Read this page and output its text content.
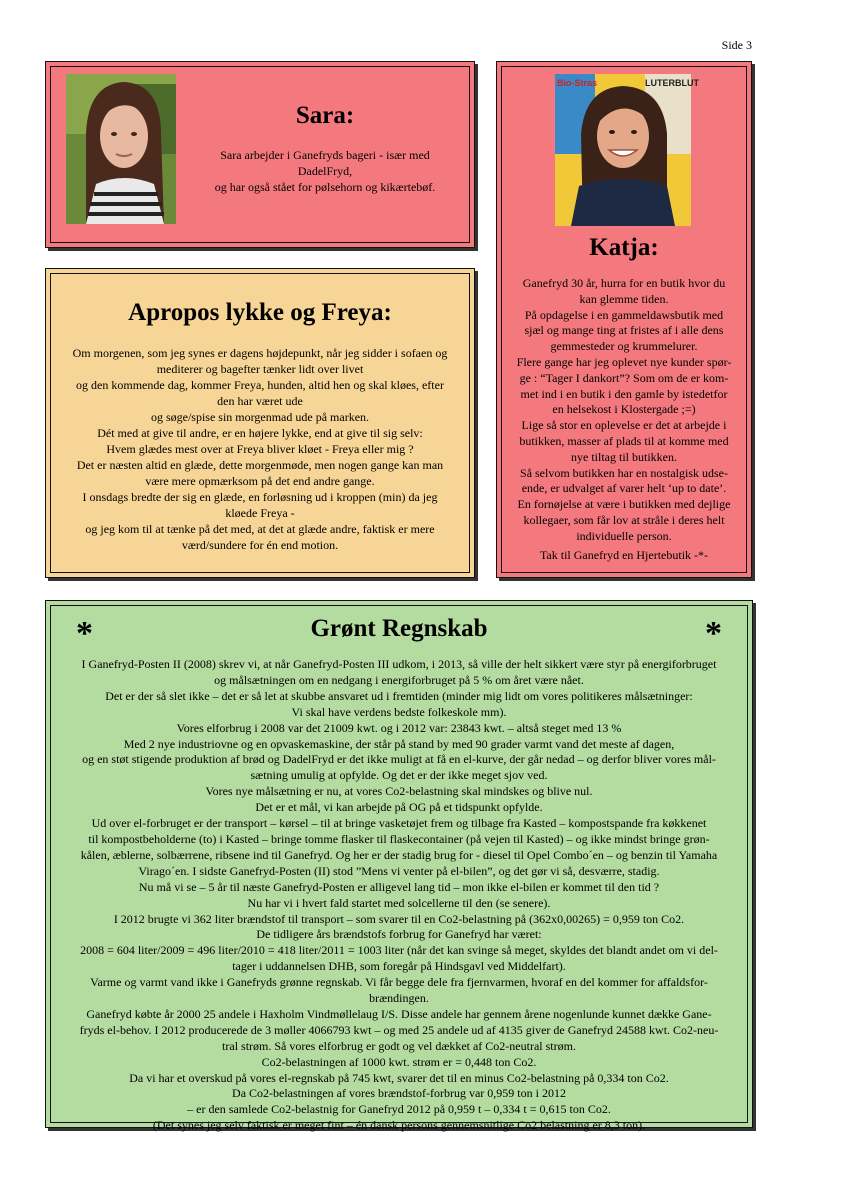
Side 3
Sara:
Sara arbejder i Ganefryds bageri - især med
DadelFryd,
og har også stået for pølsehorn og kikærtebøf.
Bio-Stras	LUTERBLUT
Katja:
Ganefryd 30 år, hurra for en butik hvor du
kan glemme tiden.
På opdagelse i en gammeldawsbutik med
sjæl og mange ting at fristes af i alle dens
gemmesteder og krummelurer.
Flere gange har jeg oplevet nye kunder spør-
ge : “Tager I dankort”? Som om de er kom-
met ind i en butik i den gamle by istedetfor
en helsekost i Klostergade ;=)
Lige så stor en oplevelse er det at arbejde i
butikken, masser af plads til at komme med
nye tiltag til butikken.
Så selvom butikken har en nostalgisk udse-
ende, er udvalget af varer helt ‘up to date’.
En fornøjelse at være i butikken med dejlige
kollegaer, som får lov at stråle i deres helt
individuelle person.
Tak til Ganefryd en Hjertebutik -*-
Apropos lykke og Freya:
Om morgenen, som jeg synes er dagens højdepunkt, når jeg sidder i sofaen og
mediterer og bagefter tænker lidt over livet
og den kommende dag, kommer Freya, hunden, altid hen og skal kløes, efter
den har været ude
og søge/spise sin morgenmad ude på marken.
Dét med at give til andre, er en højere lykke, end at give til sig selv:
Hvem glædes mest over at Freya bliver kløet - Freya eller mig ?
Det er næsten altid en glæde, dette morgenmøde, men nogen gange kan man
være mere opmærksom på det end andre gange.
I onsdags bredte der sig en glæde, en forløsning ud i kroppen (min) da jeg
kløede Freya -
og jeg kom til at tænke på det med, at det at glæde andre, faktisk er mere
værd/sundere for én end motion.
*	*
Grønt Regnskab
I Ganefryd-Posten II (2008) skrev vi, at når Ganefryd-Posten III udkom, i 2013, så ville der helt sikkert være styr på energiforbruget
og målsætningen om en nedgang i energiforbruget på 5 % om året være nået.
Det er der så slet ikke – det er så let at skubbe ansvaret ud i fremtiden (minder mig lidt om vores politikeres målsætninger:
Vi skal have verdens bedste folkeskole mm).
Vores elforbrug i 2008 var det 21009 kwt. og i 2012 var: 23843 kwt. – altså steget med 13 %
Med 2 nye industriovne og en opvaskemaskine, der står på stand by med 90 grader varmt vand det meste af dagen,
og en støt stigende produktion af brød og DadelFryd er det ikke muligt at få en el-kurve, der går nedad – og derfor bliver vores mål-
sætning umulig at opfylde. Og det er der ikke meget sjov ved.
Vores nye målsætning er nu, at vores Co2-belastning skal mindskes og blive nul.
Det er et mål, vi kan arbejde på OG på et tidspunkt opfylde.
Ud over el-forbruget er der transport – kørsel – til at bringe vasketøjet frem og tilbage fra Kasted – kompostspande fra køkkenet
til kompostbeholderne (to) i Kasted – bringe tomme flasker til flaskecontainer (på vejen til Kasted) – og ikke mindst bringe grøn-
kålen, æblerne, solbærrene, ribsene ind til Ganefryd. Og her er der stadig brug for - diesel til Opel Combo´en – og benzin til Yamaha
Virago´en. I sidste Ganefryd-Posten (II) stod ”Mens vi venter på el-bilen”, og det gør vi så, desværre, stadig.
Nu må vi se – 5 år til næste Ganefryd-Posten er alligevel lang tid – mon ikke el-bilen er kommet til den tid ?
Nu har vi i hvert fald startet med solcellerne til den (se senere).
I 2012 brugte vi 362 liter brændstof til transport – som svarer til en Co2-belastning på (362x0,00265) = 0,959 ton Co2.
De tidligere års brændstofs forbrug for Ganefryd har været:
2008 = 604 liter/2009 = 496 liter/2010 = 418 liter/2011 = 1003 liter (når det kan svinge så meget, skyldes det blandt andet om vi del-
tager i uddannelsen DHB, som foregår på Hindsgavl ved Middelfart).
Varme og varmt vand ikke i Ganefryds grønne regnskab. Vi får begge dele fra fjernvarmen, hvoraf en del kommer for affaldsfor-
brændingen.
Ganefryd købte år 2000 25 andele i Haxholm Vindmøllelaug I/S. Disse andele har gennem årene nogenlunde kunnet dække Gane-
fryds el-behov. I 2012 producerede de 3 møller 4066793 kwt – og med 25 andele ud af 4135 giver de Ganefryd 24588 kwt. Co2-neu-
tral strøm. Så vores elforbrug er godt og vel dækket af Co2-neutral strøm.
Co2-belastningen af 1000 kwt. strøm er = 0,448 ton Co2.
Da vi har et overskud på vores el-regnskab på 745 kwt, svarer det til en minus Co2-belastning på 0,334 ton Co2.
Da Co2-belastningen af vores brændstof-forbrug var 0,959 ton i 2012
– er den samlede Co2-belastnig for Ganefryd 2012 på 0,959 t – 0,334 t = 0,615 ton Co2.
(Det synes jeg selv faktisk er meget fint – én dansk persons gennemsnitlige Co2 belastning er 8,3 ton).
